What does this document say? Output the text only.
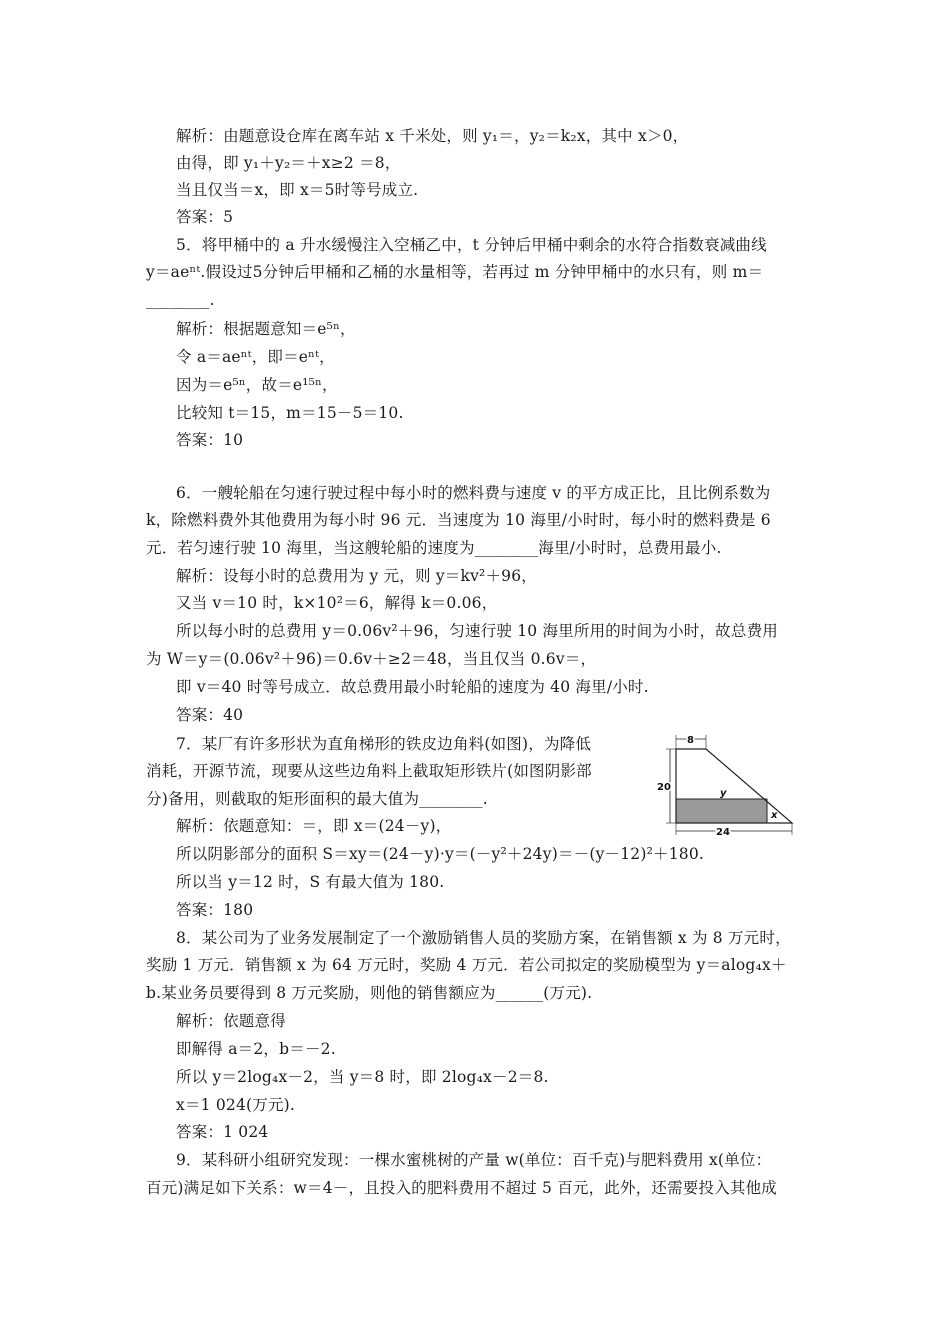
解析：由题意设仓库在离车站 x 千米处，则 y₁＝，y₂＝k₂x，其中 x＞0，
由得，即 y₁＋y₂＝＋x≥2 ＝8，
当且仅当＝x，即 x＝5时等号成立.
答案：5
5．将甲桶中的 a 升水缓慢注入空桶乙中，t 分钟后甲桶中剩余的水符合指数衰减曲线
y＝aeⁿᵗ.假设过5分钟后甲桶和乙桶的水量相等，若再过 m 分钟甲桶中的水只有，则 m＝
________.
解析：根据题意知＝e⁵ⁿ，
令 a＝aeⁿᵗ，即＝eⁿᵗ，
因为＝e⁵ⁿ，故＝e¹⁵ⁿ，
比较知 t＝15，m＝15－5＝10.
答案：10
6．一艘轮船在匀速行驶过程中每小时的燃料费与速度 v 的平方成正比，且比例系数为
k，除燃料费外其他费用为每小时 96 元．当速度为 10 海里/小时时，每小时的燃料费是 6
元．若匀速行驶 10 海里，当这艘轮船的速度为________海里/小时时，总费用最小.
解析：设每小时的总费用为 y 元，则 y＝kv²＋96，
又当 v＝10 时，k×10²＝6，解得 k＝0.06，
所以每小时的总费用 y＝0.06v²＋96，匀速行驶 10 海里所用的时间为小时，故总费用
为 W＝y＝(0.06v²＋96)＝0.6v＋≥2＝48，当且仅当 0.6v＝，
即 v＝40 时等号成立．故总费用最小时轮船的速度为 40 海里/小时.
答案：40
7．某厂有许多形状为直角梯形的铁皮边角料(如图)，为降低
消耗，开源节流，现要从这些边角料上截取矩形铁片(如图阴影部
分)备用，则截取的矩形面积的最大值为________.
解析：依题意知：＝，即 x＝(24－y)，
所以阴影部分的面积 S＝xy＝(24－y)·y＝(－y²＋24y)＝－(y－12)²＋180.
所以当 y＝12 时，S 有最大值为 180.
答案：180
8．某公司为了业务发展制定了一个激励销售人员的奖励方案，在销售额 x 为 8 万元时，
奖励 1 万元．销售额 x 为 64 万元时，奖励 4 万元．若公司拟定的奖励模型为 y＝alog₄x＋
b.某业务员要得到 8 万元奖励，则他的销售额应为______(万元).
解析：依题意得
即解得 a＝2，b＝－2.
所以 y＝2log₄x－2，当 y＝8 时，即 2log₄x－2＝8.
x＝1 024(万元).
答案：1 024
9．某科研小组研究发现：一棵水蜜桃树的产量 w(单位：百千克)与肥料费用 x(单位：
百元)满足如下关系：w＝4－，且投入的肥料费用不超过 5 百元，此外，还需要投入其他成
8
20
24
y
x
